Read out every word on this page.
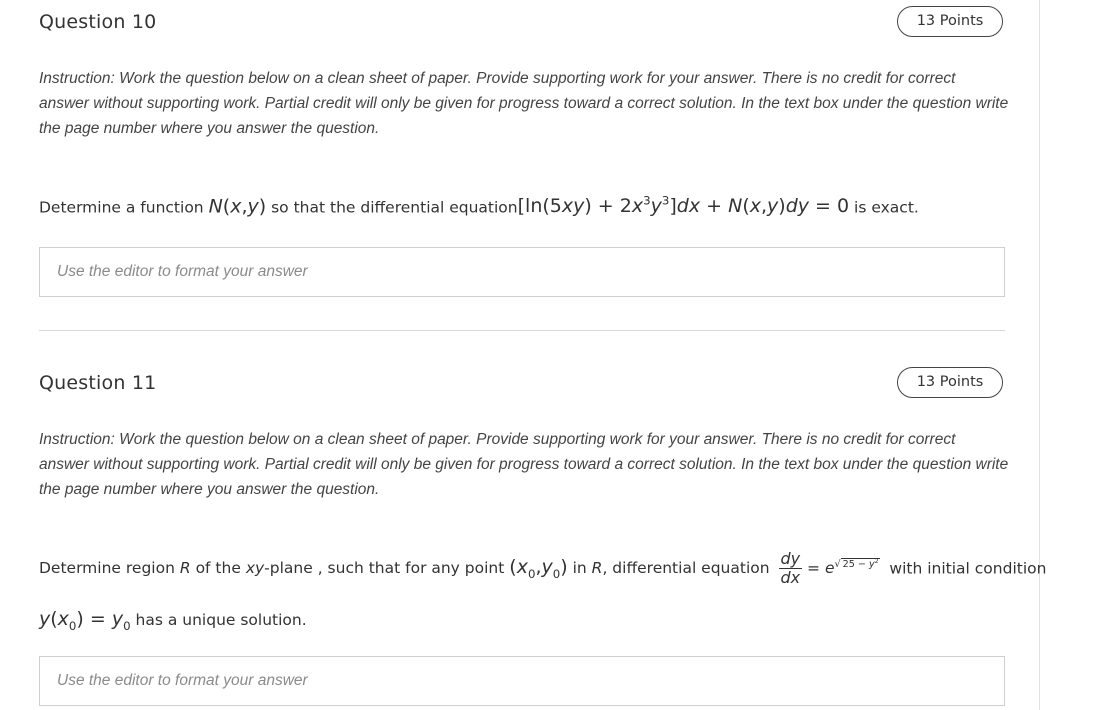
Question 10	13 Points
Instruction: Work the question below on a clean sheet of paper. Provide supporting work for your answer. There is no credit for correct answer without supporting work. Partial credit will only be given for progress toward a correct solution. In the text box under the question write the page number where you answer the question.
Determine a function N(x,y) so that the differential equation[ln(5xy) + $2x^3y^3]dx + N(x,y)dy = 0$ is exact.
Use the editor to format your answer
Question 11	13 Points
Instruction: Work the question below on a clean sheet of paper. Provide supporting work for your answer. There is no credit for correct answer without supporting work. Partial credit will only be given for progress toward a correct solution. In the text box under the question write the page number where you answer the question.
Determine region R of the xy-plane , such that for any point $(x_0,y_0)$ in R, differential equation $\frac{dy}{dx} = e^{√ 25 - y^2}$ with initial condition
$y(x_0) = y_0$ has a unique solution.
Use the editor to format your answer
